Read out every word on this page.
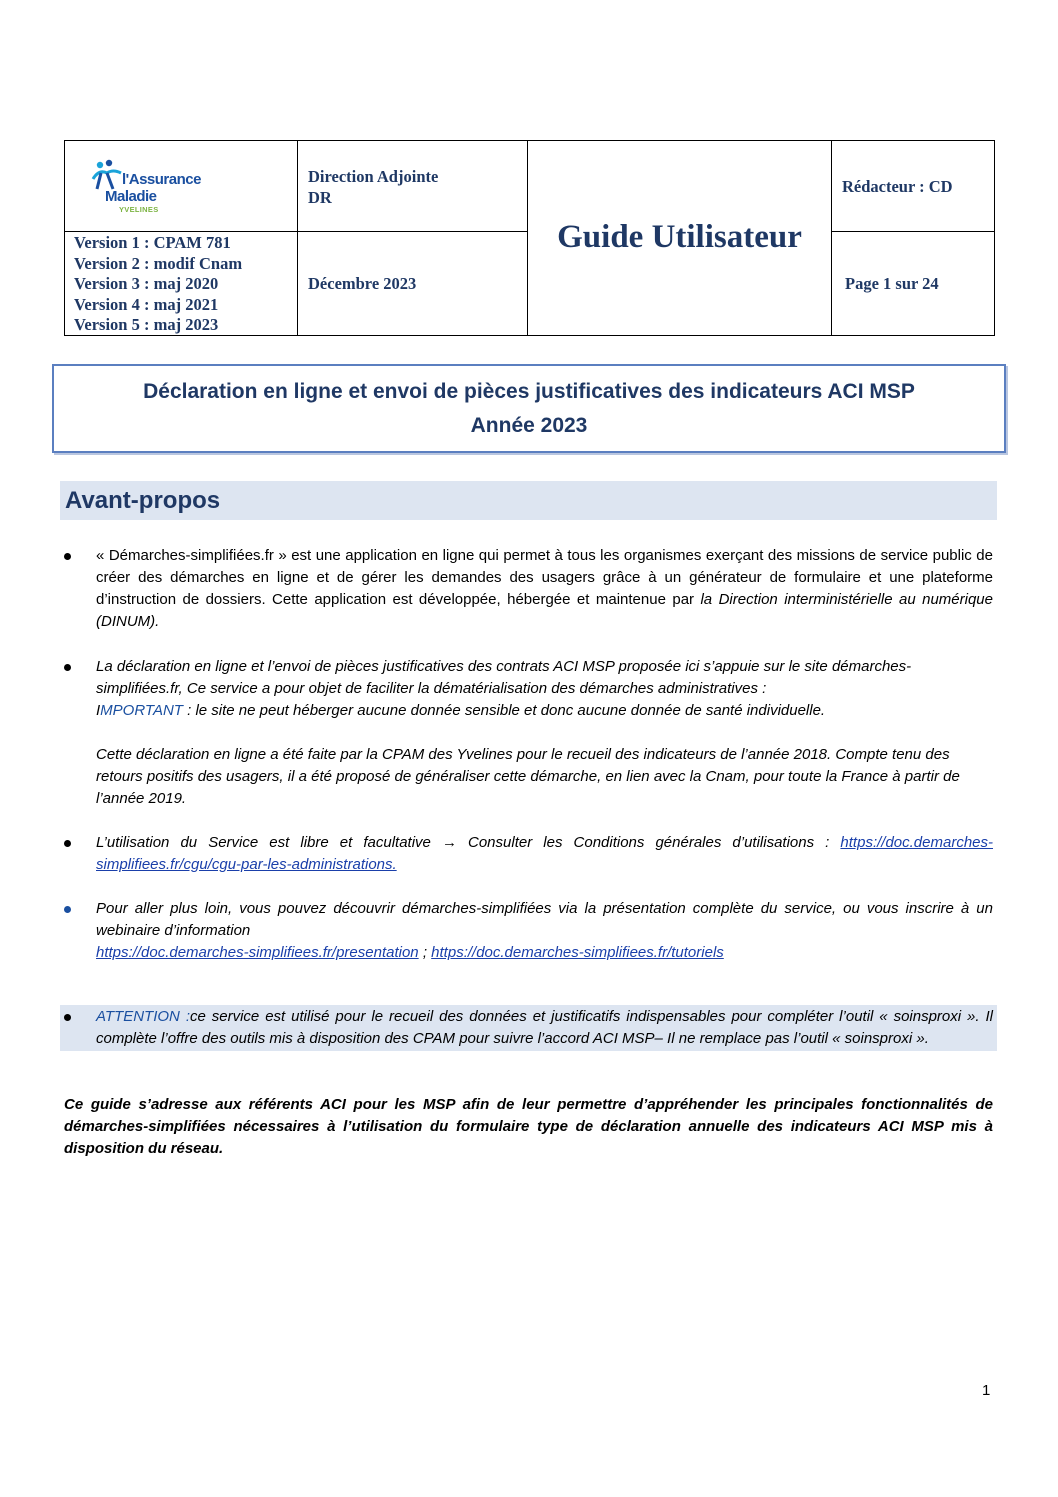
l'Assurance
Maladie
YVELINES
Direction Adjointe
DR
Guide Utilisateur
Rédacteur : CD
Version 1 : CPAM 781
Version 2 : modif Cnam
Version 3 : maj 2020
Version 4 : maj 2021
Version 5 : maj 2023
Décembre 2023	Page 1 sur 24
Déclaration en ligne et envoi de pièces justificatives des indicateurs ACI MSP
Année 2023
Avant-propos
« Démarches-simplifiées.fr » est une application en ligne qui permet à tous les organismes exerçant des missions de service public de créer des démarches en ligne et de gérer les demandes des usagers grâce à un générateur de formulaire et une plateforme d’instruction de dossiers. Cette application est développée, hébergée et maintenue par la Direction interministérielle au numérique (DINUM).
La déclaration en ligne et l’envoi de pièces justificatives des contrats ACI MSP proposée ici s’appuie sur le site démarches-simplifiées.fr, Ce service a pour objet de faciliter la dématérialisation des démarches administratives :
IMPORTANT : le site ne peut héberger aucune donnée sensible et donc aucune donnée de santé individuelle.
Cette déclaration en ligne a été faite par la CPAM des Yvelines pour le recueil des indicateurs de l’année 2018. Compte tenu des retours positifs des usagers, il a été proposé de généraliser cette démarche, en lien avec la Cnam, pour toute la France à partir de l’année 2019.
L’utilisation du Service est libre et facultative → Consulter les Conditions générales d’utilisations : https://doc.demarches-simplifiees.fr/cgu/cgu-par-les-administrations.
Pour aller plus loin, vous pouvez découvrir démarches-simplifiées via la présentation complète du service, ou vous inscrire à un webinaire d’information
https://doc.demarches-simplifiees.fr/presentation ; https://doc.demarches-simplifiees.fr/tutoriels
ATTENTION :ce service est utilisé pour le recueil des données et justificatifs indispensables pour compléter l’outil « soinsproxi ». Il complète l’offre des outils mis à disposition des CPAM pour suivre l’accord ACI MSP– Il ne remplace pas l’outil « soinsproxi ».
Ce guide s’adresse aux référents ACI pour les MSP afin de leur permettre d’appréhender les principales fonctionnalités de démarches-simplifiées nécessaires à l’utilisation du formulaire type de déclaration annuelle des indicateurs ACI MSP mis à disposition du réseau.
1
